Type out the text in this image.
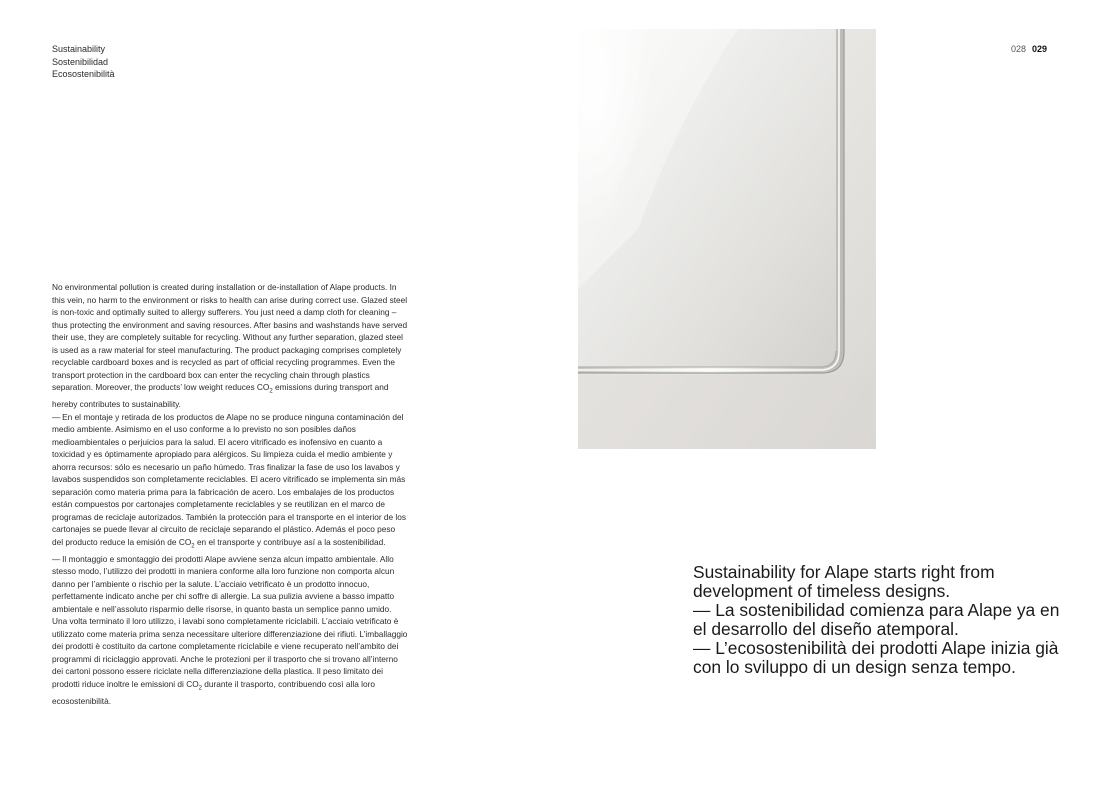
Sustainability
Sostenibilidad
Ecosostenibilità
028 029

No environmental pollution is created during installation or de-installation of Alape products. In this vein, no harm to the environment or risks to health can arise during correct use. Glazed steel is non-toxic and optimally suited to allergy sufferers. You just need a damp cloth for cleaning – thus protecting the environment and saving resources. After basins and washstands have served their use, they are completely suitable for recycling. Without any further separation, glazed steel is used as a raw material for steel manufacturing. The product packaging comprises completely recyclable cardboard boxes and is recycled as part of official recycling programmes. Even the transport protection in the cardboard box can enter the recycling chain through plastics separation. Moreover, the products’ low weight reduces $CO_2$ emissions during transport and hereby contributes to sustainability.

— En el montaje y retirada de los productos de Alape no se produce ninguna contaminación del medio ambiente. Asimismo en el uso conforme a lo previsto no son posibles daños medioambientales o perjuicios para la salud. El acero vitrificado es inofensivo en cuanto a toxicidad y es óptimamente apropiado para alérgicos. Su limpieza cuida el medio ambiente y ahorra recursos: sólo es necesario un paño húmedo. Tras finalizar la fase de uso los lavabos y lavabos suspendidos son completamente reciclables. El acero vitrificado se implementa sin más separación como materia prima para la fabricación de acero. Los embalajes de los productos están compuestos por cartonajes completamente reciclables y se reutilizan en el marco de programas de reciclaje autorizados. También la protección para el transporte en el interior de los cartonajes se puede llevar al circuito de reciclaje separando el plástico. Además el poco peso del producto reduce la emisión de $CO_2$ en el transporte y contribuye así a la sostenibilidad.

— Il montaggio e smontaggio dei prodotti Alape avviene senza alcun impatto ambientale. Allo stesso modo, l’utilizzo dei prodotti in maniera conforme alla loro funzione non comporta alcun danno per l’ambiente o rischio per la salute. L’acciaio vetrificato è un prodotto innocuo, perfettamente indicato anche per chi soffre di allergie. La sua pulizia avviene a basso impatto ambientale e nell’assoluto risparmio delle risorse, in quanto basta un semplice panno umido. Una volta terminato il loro utilizzo, i lavabi sono completamente riciclabili. L’acciaio vetrificato è utilizzato come materia prima senza necessitare ulteriore differenziazione dei rifiuti. L’imballaggio dei prodotti è costituito da cartone completamente riciclabile e viene recuperato nell’ambito dei programmi di riciclaggio approvati. Anche le protezioni per il trasporto che si trovano all’interno dei cartoni possono essere riciclate nella differenziazione della plastica. Il peso limitato dei prodotti riduce inoltre le emissioni di $CO_2$ durante il trasporto, contribuendo così alla loro ecosostenibilità.

Sustainability for Alape starts right from development of timeless designs.

— La sostenibilidad comienza para Alape ya en el desarrollo del diseño atemporal.

— L’ecosostenibilità dei prodotti Alape inizia già con lo sviluppo di un design senza tempo.
